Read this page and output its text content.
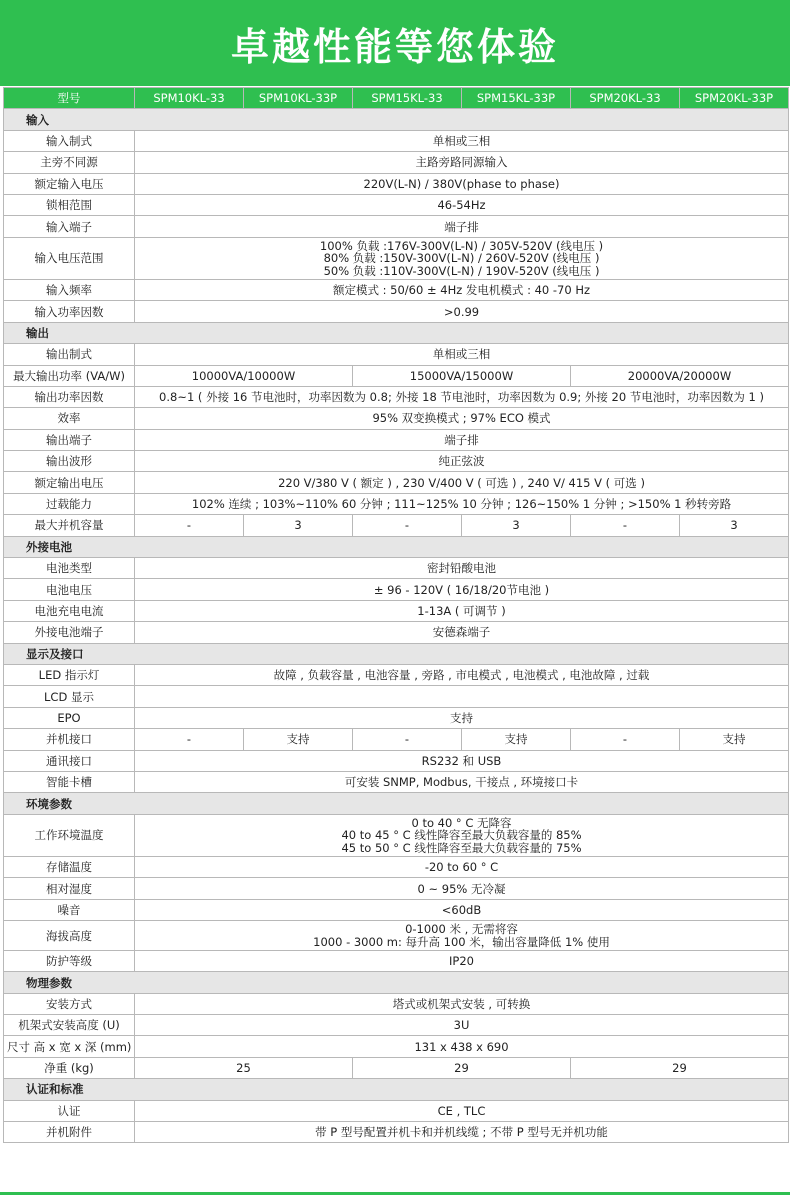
卓越性能等您体验
型号	SPM10KL-33	SPM10KL-33P	SPM15KL-33	SPM15KL-33P	SPM20KL-33	SPM20KL-33P
输入						
输入制式	单相或三相					
主旁不同源	主路旁路同源输入					
额定输入电压	220V(L-N) / 380V(phase to phase)					
锁相范围	46-54Hz					
输入端子	端子排					
输入电压范围	100% 负载 :176V-300V(L-N) / 305V-520V (线电压 )
80% 负载 :150V-300V(L-N) / 260V-520V (线电压 )
50% 负载 :110V-300V(L-N) / 190V-520V (线电压 )					

输入频率	额定模式 : 50/60 ± 4Hz 发电机模式 : 40 -70 Hz					
输入功率因数	>0.99					
输出						
输出制式	单相或三相					
最大输出功率 (VA/W)	10000VA/10000W		15000VA/15000W		20000VA/20000W	
输出功率因数	0.8~1 ( 外接 16 节电池时，功率因数为 0.8; 外接 18 节电池时，功率因数为 0.9; 外接 20 节电池时，功率因数为 1 )					
效率	95% 双变换模式 ; 97% ECO 模式					
输出端子	端子排					
输出波形	纯正弦波					
额定输出电压	220 V/380 V ( 额定 ) , 230 V/400 V ( 可选 ) , 240 V/ 415 V ( 可选 )					
过载能力	102% 连续 ; 103%~110% 60 分钟 ; 111~125% 10 分钟 ; 126~150% 1 分钟 ; >150% 1 秒转旁路					
最大并机容量	-	3	-	3	-	3
外接电池						
电池类型	密封铅酸电池					
电池电压	± 96 - 120V ( 16/18/20节电池 )					
电池充电电流	1-13A ( 可调节 )					
外接电池端子	安德森端子					
显示及接口						
LED 指示灯	故障 , 负载容量 , 电池容量 , 旁路 , 市电模式 , 电池模式 , 电池故障 , 过载					
LCD 显示						
EPO	支持					
并机接口	-	支持	-	支持	-	支持
通讯接口	RS232 和 USB					
智能卡槽	可安装 SNMP, Modbus, 干接点 , 环境接口卡					
环境参数						
工作环境温度	0 to 40 ° C 无降容
40 to 45 ° C 线性降容至最大负载容量的 85%
45 to 50 ° C 线性降容至最大负载容量的 75%					

存储温度	-20 to 60 ° C					
相对湿度	0 ~ 95% 无冷凝					
噪音	<60dB					
海拔高度	0-1000 米 , 无需将容
1000 - 3000 m: 每升高 100 米，输出容量降低 1% 使用					

防护等级	IP20					
物理参数						
安装方式	塔式或机架式安装 , 可转换					
机架式安装高度 (U)	3U					
尺寸 高 x 宽 x 深 (mm)	131 x 438 x 690					
净重 (kg)	25		29		29	
认证和标准						
认证	CE , TLC					
并机附件	带 P 型号配置并机卡和并机线缆 ; 不带 P 型号无并机功能					
